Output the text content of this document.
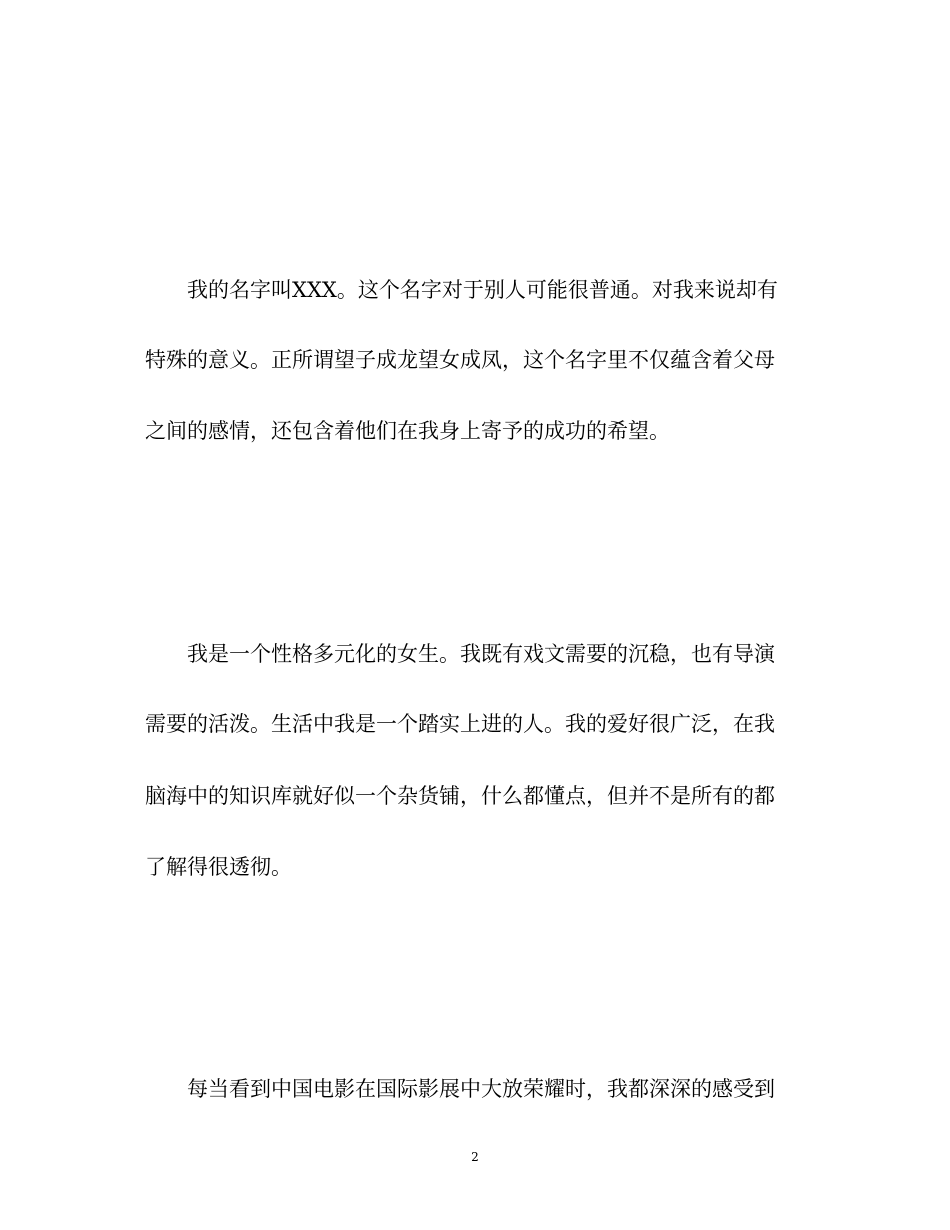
我的名字叫XXX。这个名字对于别人可能很普通。对我来说却有
特殊的意义。正所谓望子成龙望女成凤，这个名字里不仅蕴含着父母
之间的感情，还包含着他们在我身上寄予的成功的希望。
我是一个性格多元化的女生。我既有戏文需要的沉稳，也有导演
需要的活泼。生活中我是一个踏实上进的人。我的爱好很广泛，在我
脑海中的知识库就好似一个杂货铺，什么都懂点，但并不是所有的都
了解得很透彻。
每当看到中国电影在国际影展中大放荣耀时，我都深深的感受到
2
